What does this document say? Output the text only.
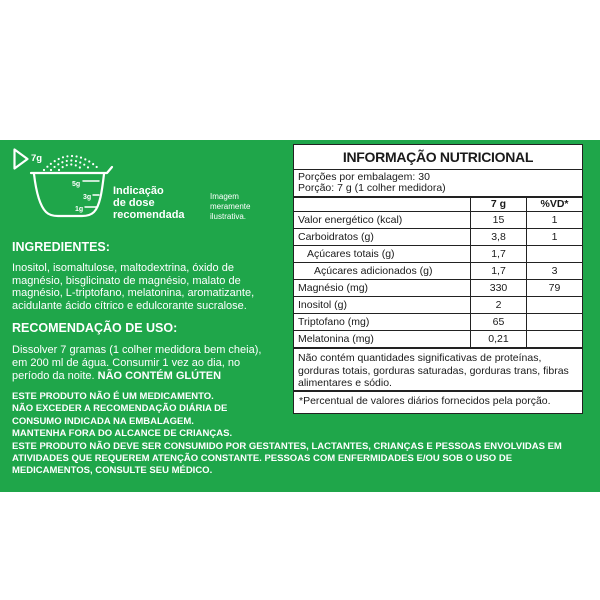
7g
5g
3g
1g
Indicação
de dose
recomendada
Imagem
meramente
ilustrativa.
INGREDIENTES:
Inositol, isomaltulose, maltodextrina, óxido de
magnésio, bisglicinato de magnésio, malato de
magnésio, L-triptofano, melatonina, aromatizante,
acidulante ácido cítrico e edulcorante sucralose.
RECOMENDAÇÃO DE USO:
Dissolver 7 gramas (1 colher medidora bem cheia),
em 200 ml de água. Consumir 1 vez ao dia, no
período da noite. NÃO CONTÉM GLÚTEN
ESTE PRODUTO NÃO É UM MEDICAMENTO.
NÃO EXCEDER A RECOMENDAÇÃO DIÁRIA DE
CONSUMO INDICADA NA EMBALAGEM.
MANTENHA FORA DO ALCANCE DE CRIANÇAS.
ESTE PRODUTO NÃO DEVE SER CONSUMIDO POR GESTANTES, LACTANTES, CRIANÇAS E PESSOAS ENVOLVIDAS EM
ATIVIDADES QUE REQUEREM ATENÇÃO CONSTANTE. PESSOAS COM ENFERMIDADES E/OU SOB O USO DE
MEDICAMENTOS, CONSULTE SEU MÉDICO.
INFORMAÇÃO NUTRICIONAL
Porções por embalagem: 30
Porção: 7 g (1 colher medidora)
7 g	%VD*
Valor energético (kcal)	15	1
Carboidratos (g)	3,8	1
Açúcares totais (g)	1,7
Açúcares adicionados (g)	1,7	3
Magnésio (mg)	330	79
Inositol (g)	2
Triptofano (mg)	65
Melatonina (mg)	0,21
Não contém quantidades significativas de proteínas,
gorduras totais, gorduras saturadas, gorduras trans, fibras
alimentares e sódio.
*Percentual de valores diários fornecidos pela porção.
